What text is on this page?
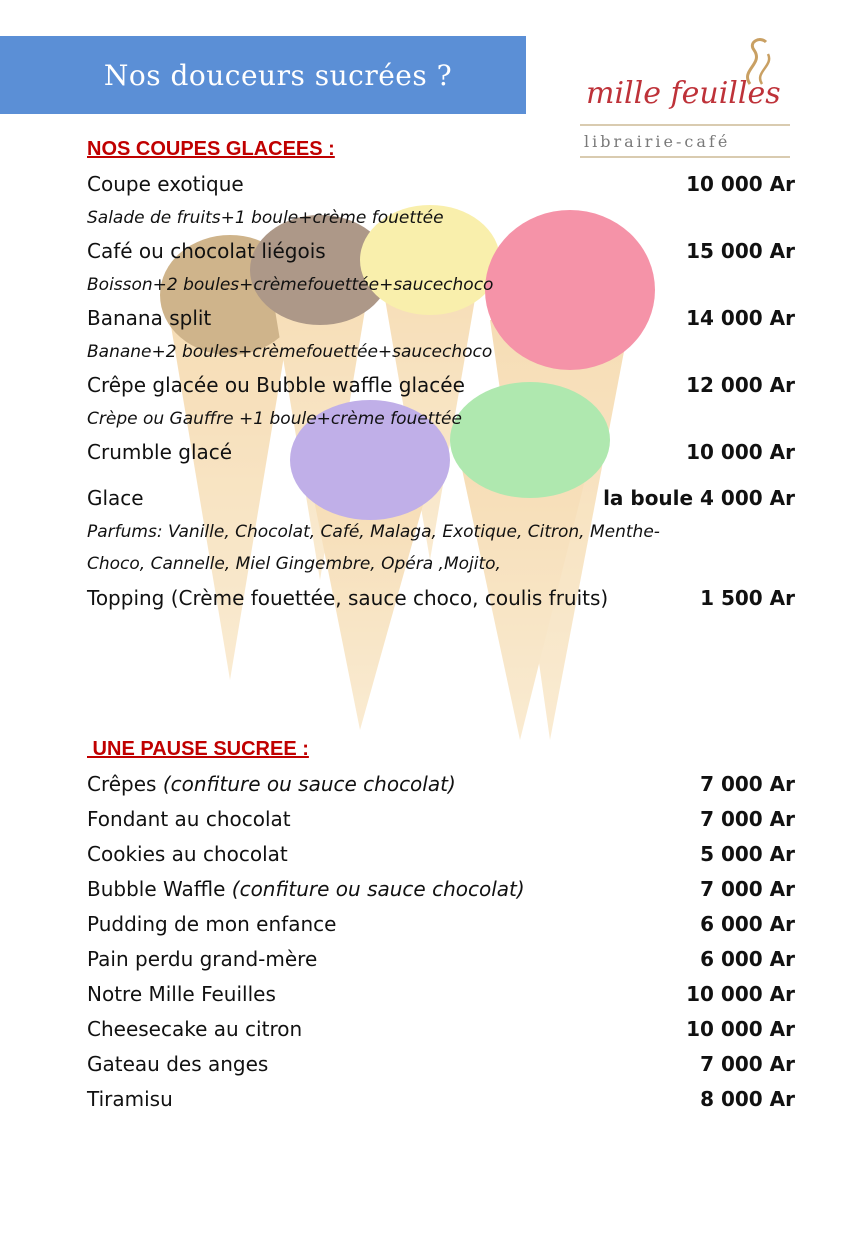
Nos douceurs sucrées ?
mille feuilles
librairie-café
NOS COUPES GLACEES :
Coupe exotique	10 000 Ar
Salade de fruits+1 boule+crème fouettée
Café ou chocolat liégois	15 000 Ar
Boisson+2 boules+crèmefouettée+saucechoco
Banana split	14 000 Ar
Banane+2 boules+crèmefouettée+saucechoco
Crêpe glacée ou Bubble waffle glacée	12 000 Ar
Crèpe ou Gauffre +1 boule+crème fouettée
Crumble glacé	10 000 Ar
Glace	la boule 4 000 Ar
Parfums: Vanille, Chocolat, Café, Malaga, Exotique, Citron, Menthe-
Choco, Cannelle, Miel Gingembre, Opéra ,Mojito,
Topping (Crème fouettée, sauce choco, coulis fruits)	1 500 Ar
UNE PAUSE SUCREE :
Crêpes (confiture ou sauce chocolat)	7 000 Ar
Fondant au chocolat	7 000 Ar
Cookies au chocolat	5 000 Ar
Bubble Waffle (confiture ou sauce chocolat)	7 000 Ar
Pudding de mon enfance	6 000 Ar
Pain perdu grand-mère	6 000 Ar
Notre Mille Feuilles	10 000 Ar
Cheesecake au citron	10 000 Ar
Gateau des anges	7 000 Ar
Tiramisu	8 000 Ar
